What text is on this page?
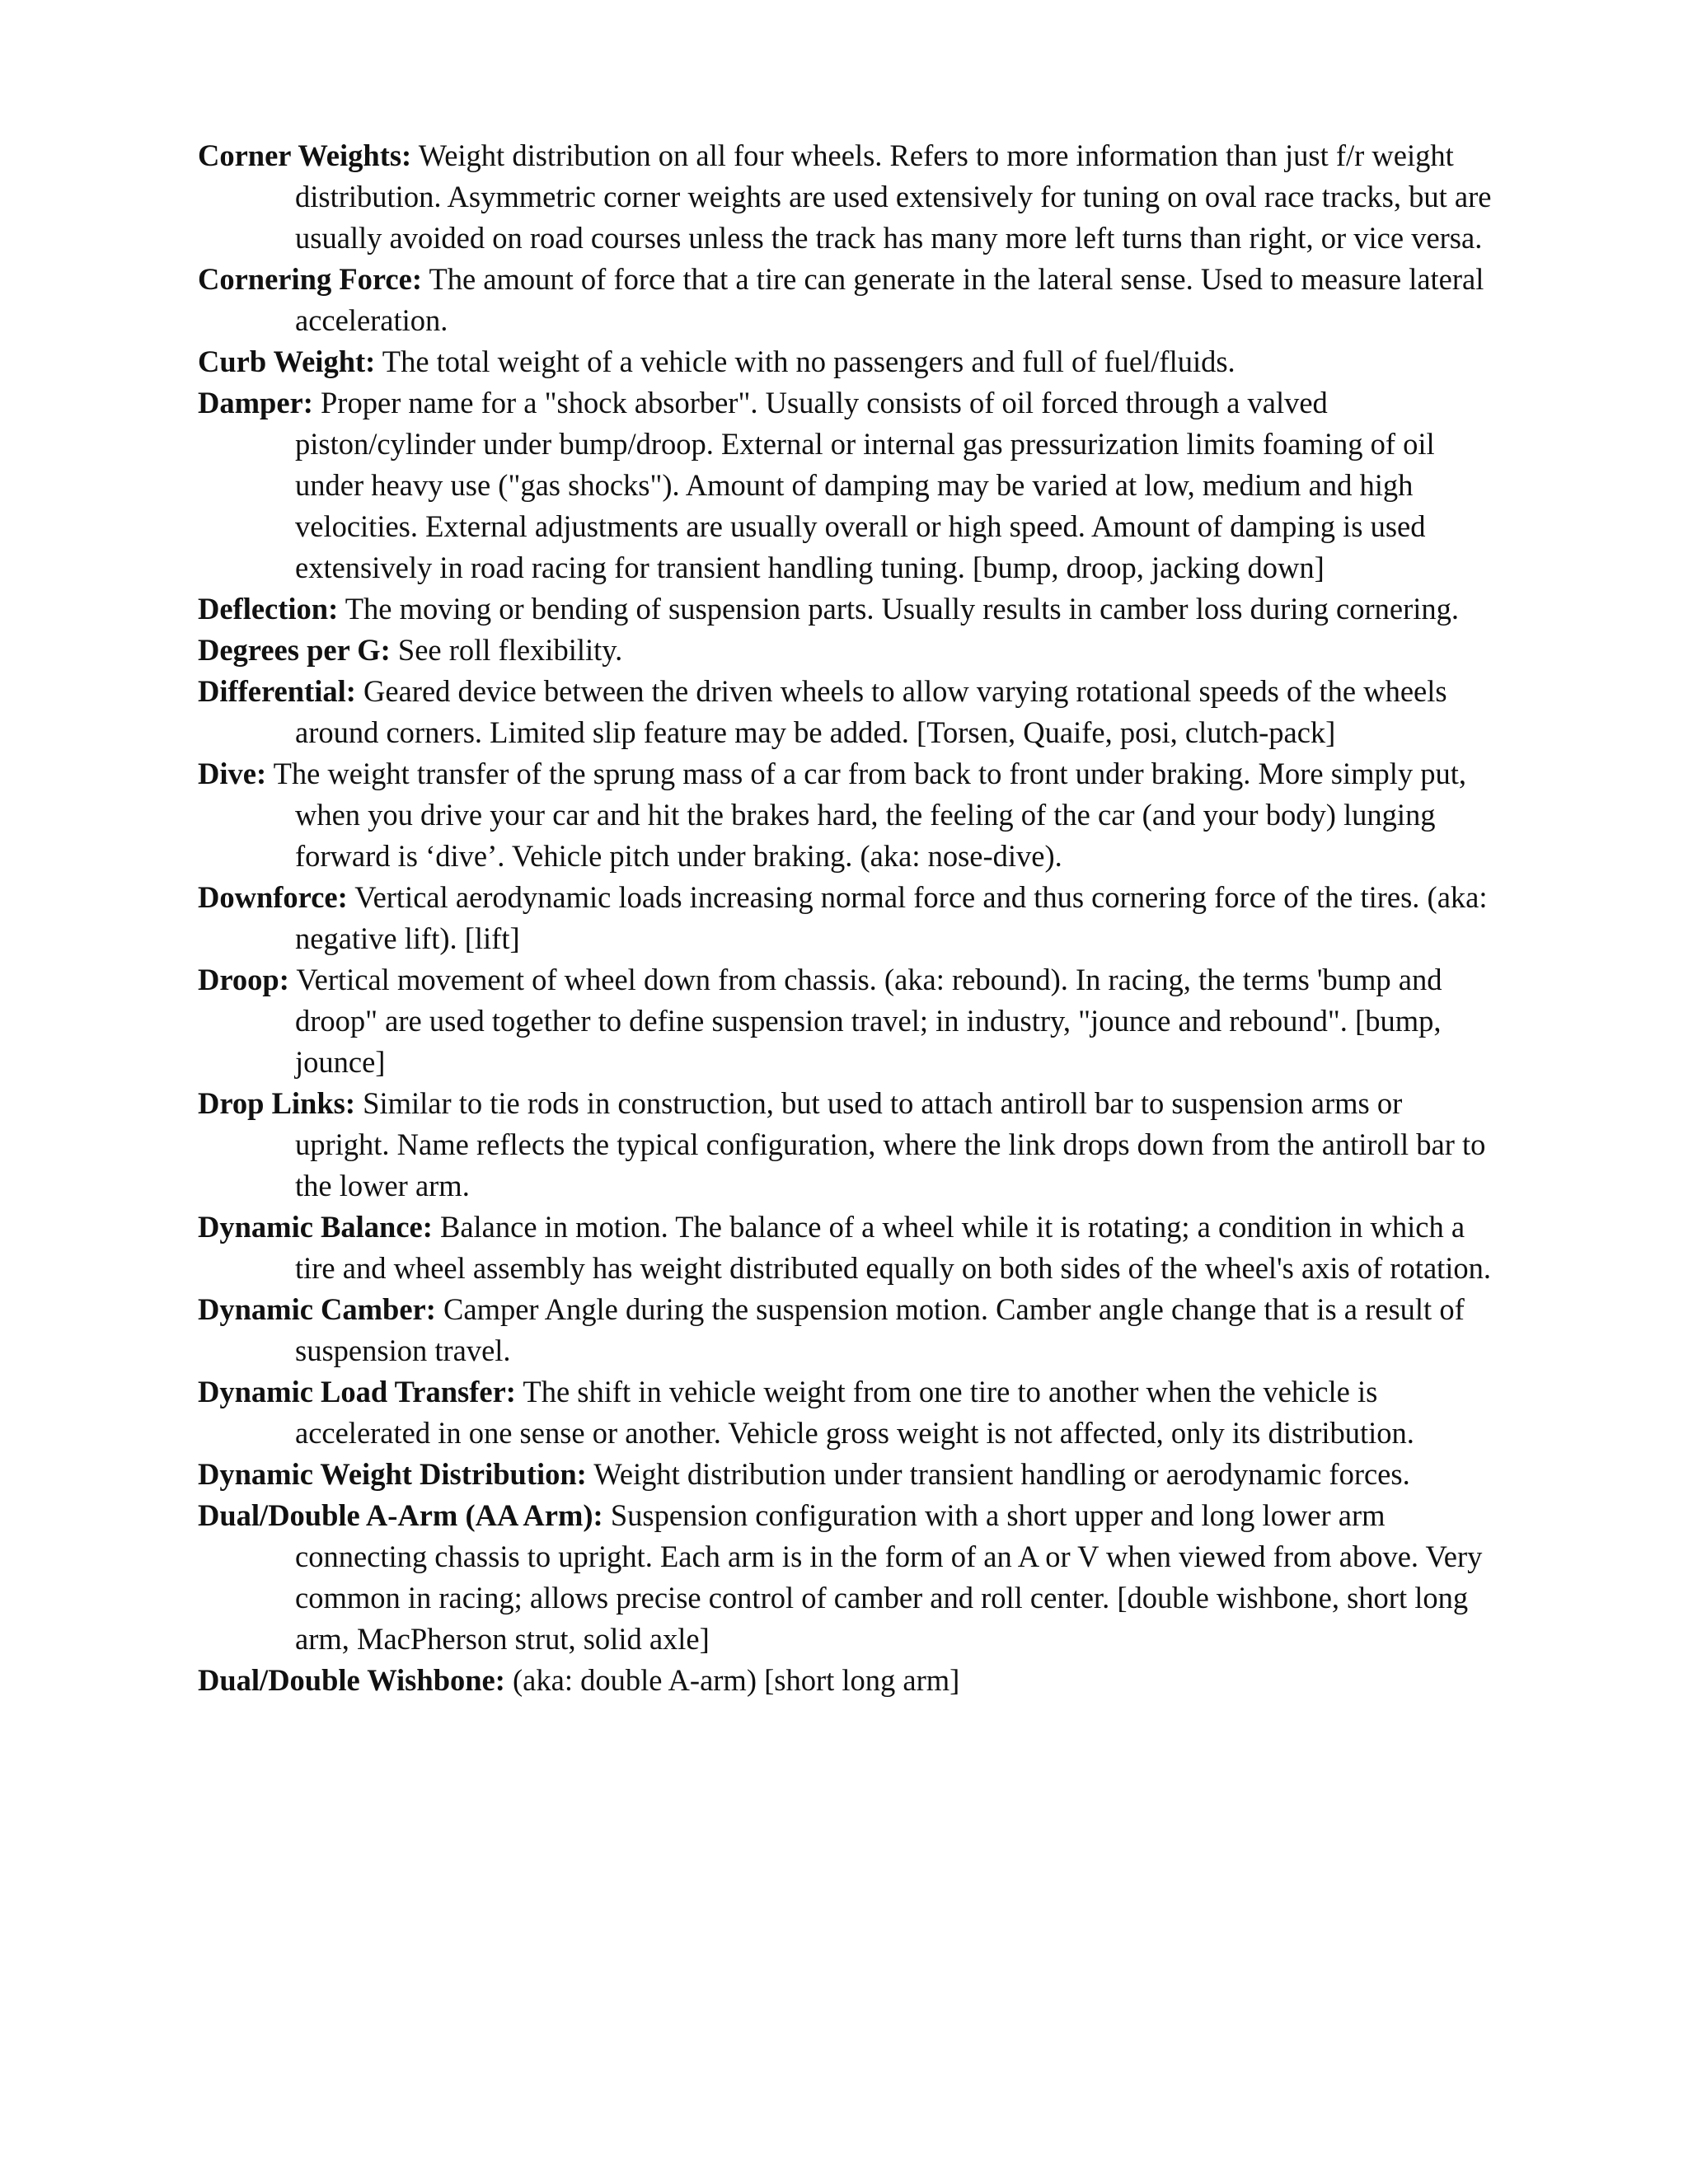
Corner Weights: Weight distribution on all four wheels. Refers to more information than just f/r weight distribution. Asymmetric corner weights are used extensively for tuning on oval race tracks, but are usually avoided on road courses unless the track has many more left turns than right, or vice versa.

Cornering Force: The amount of force that a tire can generate in the lateral sense. Used to measure lateral acceleration.

Curb Weight: The total weight of a vehicle with no passengers and full of fuel/fluids.

Damper: Proper name for a "shock absorber". Usually consists of oil forced through a valved piston/cylinder under bump/droop. External or internal gas pressurization limits foaming of oil under heavy use ("gas shocks"). Amount of damping may be varied at low, medium and high velocities. External adjustments are usually overall or high speed. Amount of damping is used extensively in road racing for transient handling tuning. [bump, droop, jacking down]

Deflection: The moving or bending of suspension parts. Usually results in camber loss during cornering.

Degrees per G: See roll flexibility.

Differential: Geared device between the driven wheels to allow varying rotational speeds of the wheels around corners. Limited slip feature may be added. [Torsen, Quaife, posi, clutch-pack]

Dive: The weight transfer of the sprung mass of a car from back to front under braking. More simply put, when you drive your car and hit the brakes hard, the feeling of the car (and your body) lunging forward is ‘dive’. Vehicle pitch under braking. (aka: nose-dive).

Downforce: Vertical aerodynamic loads increasing normal force and thus cornering force of the tires. (aka: negative lift). [lift]

Droop: Vertical movement of wheel down from chassis. (aka: rebound). In racing, the terms 'bump and droop" are used together to define suspension travel; in industry, "jounce and rebound". [bump, jounce]

Drop Links: Similar to tie rods in construction, but used to attach antiroll bar to suspension arms or upright. Name reflects the typical configuration, where the link drops down from the antiroll bar to the lower arm.

Dynamic Balance: Balance in motion. The balance of a wheel while it is rotating; a condition in which a tire and wheel assembly has weight distributed equally on both sides of the wheel's axis of rotation.

Dynamic Camber: Camper Angle during the suspension motion. Camber angle change that is a result of suspension travel.

Dynamic Load Transfer: The shift in vehicle weight from one tire to another when the vehicle is accelerated in one sense or another. Vehicle gross weight is not affected, only its distribution.

Dynamic Weight Distribution: Weight distribution under transient handling or aerodynamic forces.

Dual/Double A-Arm (AA Arm): Suspension configuration with a short upper and long lower arm connecting chassis to upright. Each arm is in the form of an A or V when viewed from above. Very common in racing; allows precise control of camber and roll center. [double wishbone, short long arm, MacPherson strut, solid axle]

Dual/Double Wishbone: (aka: double A-arm) [short long arm]
